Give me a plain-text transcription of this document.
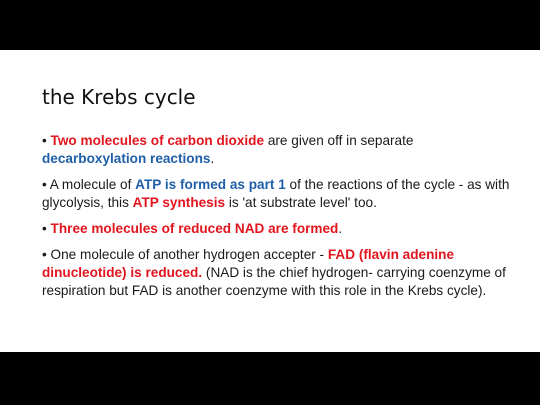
the Krebs cycle

• Two molecules of carbon dioxide are given off in separate decarboxylation reactions.

• A molecule of ATP is formed as part 1 of the reactions of the cycle - as with glycolysis, this ATP synthesis is 'at substrate level' too.

• Three molecules of reduced NAD are formed.

• One molecule of another hydrogen accepter - FAD (flavin adenine dinucleotide) is reduced. (NAD is the chief hydrogen- carrying coenzyme of respiration but FAD is another coenzyme with this role in the Krebs cycle).
